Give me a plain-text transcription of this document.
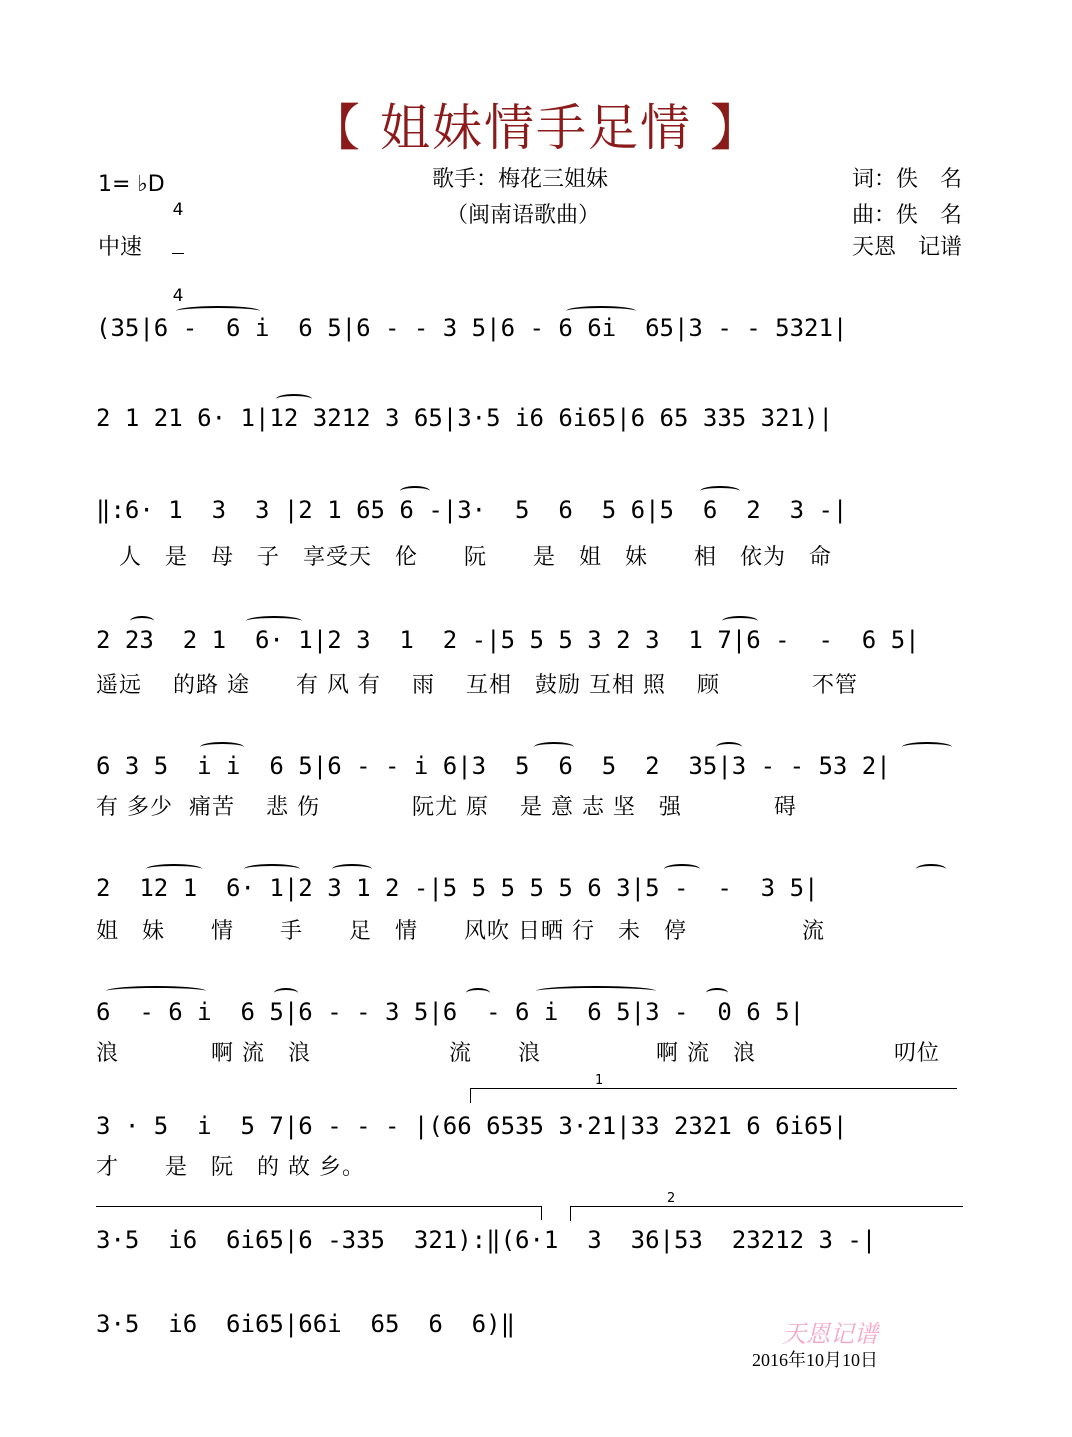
【 姐妹情手足情 】
1= ♭D

4

4

中速
歌手：梅花三姐妹
（闽南语歌曲）
词：佚　名
曲：佚　名
天恩　记谱
(35|6 -  6 i  6 5|6 - - 3 5|6 - 6 6i  65|3 - - 5321|
2 1 21 6· 1|12 3212 3 65|3·5 i6 6i65|6 65 335 321)|
‖:6· 1  3  3 |2 1 65 6 -|3·  5  6  5 6|5  6  2  3 -|
　人　是　母　子　享受天　伦　　阮　　是　姐　妹　　相　依为　命
2 23  2 1  6· 1|2 3  1  2 -|5 5 5 3 2 3  1 7|6 -  -  6 5|
遥远　 的路 途　　有 风 有　 雨　 互相　鼓励 互相 照　 顾　　　　不管
6 3 5  i i  6 5|6 - - i 6|3  5  6  5  2  35|3 - - 53 2|
有 多少  痛苦　 悲 伤　　　　阮尤 原　 是 意 志 坚　强　　　　碍
2  12 1  6· 1|2 3 1 2 -|5 5 5 5 5 6 3|5 -  -  3 5|
姐　妹　　情　　手　　足　情　　风吹 日晒 行　未　停　　　　　流
6  - 6 i  6 5|6 - - 3 5|6  - 6 i  6 5|3 -  0 6 5|
浪　　　　啊 流　浪　　　　　　流　　浪　　　　　啊 流　浪　　　　　　叨位
1
3 · 5  i  5 7|6 - - - |(66 6535 3·21|33 2321 6 6i65|
才　　是　阮　的 故 乡。
2
3·5  i6  6i65|6 -335  321):‖(6·1  3  36|53  23212 3 -|
3·5  i6  6i65|66i  65  6  6)‖	天恩记谱
2016年10月10日
